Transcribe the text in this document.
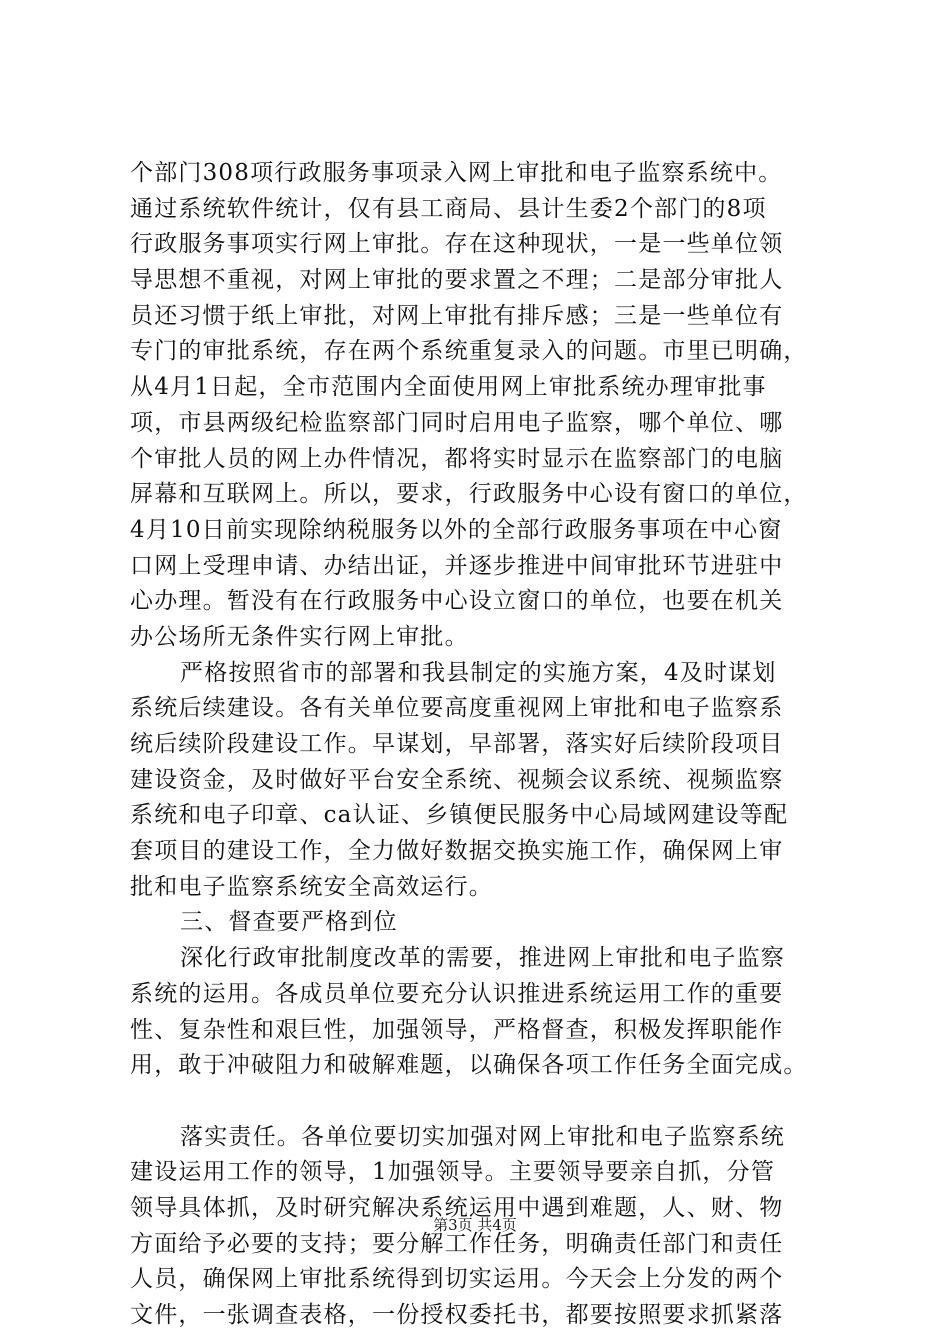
个部门308项行政服务事项录入网上审批和电子监察系统中。
通过系统软件统计，仅有县工商局、县计生委2个部门的8项
行政服务事项实行网上审批。存在这种现状，一是一些单位领
导思想不重视，对网上审批的要求置之不理；二是部分审批人
员还习惯于纸上审批，对网上审批有排斥感；三是一些单位有
专门的审批系统，存在两个系统重复录入的问题。市里已明确，
从4月1日起，全市范围内全面使用网上审批系统办理审批事
项，市县两级纪检监察部门同时启用电子监察，哪个单位、哪
个审批人员的网上办件情况，都将实时显示在监察部门的电脑
屏幕和互联网上。所以，要求，行政服务中心设有窗口的单位，
4月10日前实现除纳税服务以外的全部行政服务事项在中心窗
口网上受理申请、办结出证，并逐步推进中间审批环节进驻中
心办理。暂没有在行政服务中心设立窗口的单位，也要在机关
办公场所无条件实行网上审批。
严格按照省市的部署和我县制定的实施方案，4及时谋划
系统后续建设。各有关单位要高度重视网上审批和电子监察系
统后续阶段建设工作。早谋划，早部署，落实好后续阶段项目
建设资金，及时做好平台安全系统、视频会议系统、视频监察
系统和电子印章、ca认证、乡镇便民服务中心局域网建设等配
套项目的建设工作，全力做好数据交换实施工作，确保网上审
批和电子监察系统安全高效运行。
三、督查要严格到位
深化行政审批制度改革的需要，推进网上审批和电子监察
系统的运用。各成员单位要充分认识推进系统运用工作的重要
性、复杂性和艰巨性，加强领导，严格督查，积极发挥职能作
用，敢于冲破阻力和破解难题，以确保各项工作任务全面完成。
落实责任。各单位要切实加强对网上审批和电子监察系统
建设运用工作的领导，1加强领导。主要领导要亲自抓，分管
领导具体抓，及时研究解决系统运用中遇到难题，人、财、物
方面给予必要的支持；要分解工作任务，明确责任部门和责任
人员，确保网上审批系统得到切实运用。今天会上分发的两个
文件，一张调查表格，一份授权委托书，都要按照要求抓紧落
第3页 共4页
